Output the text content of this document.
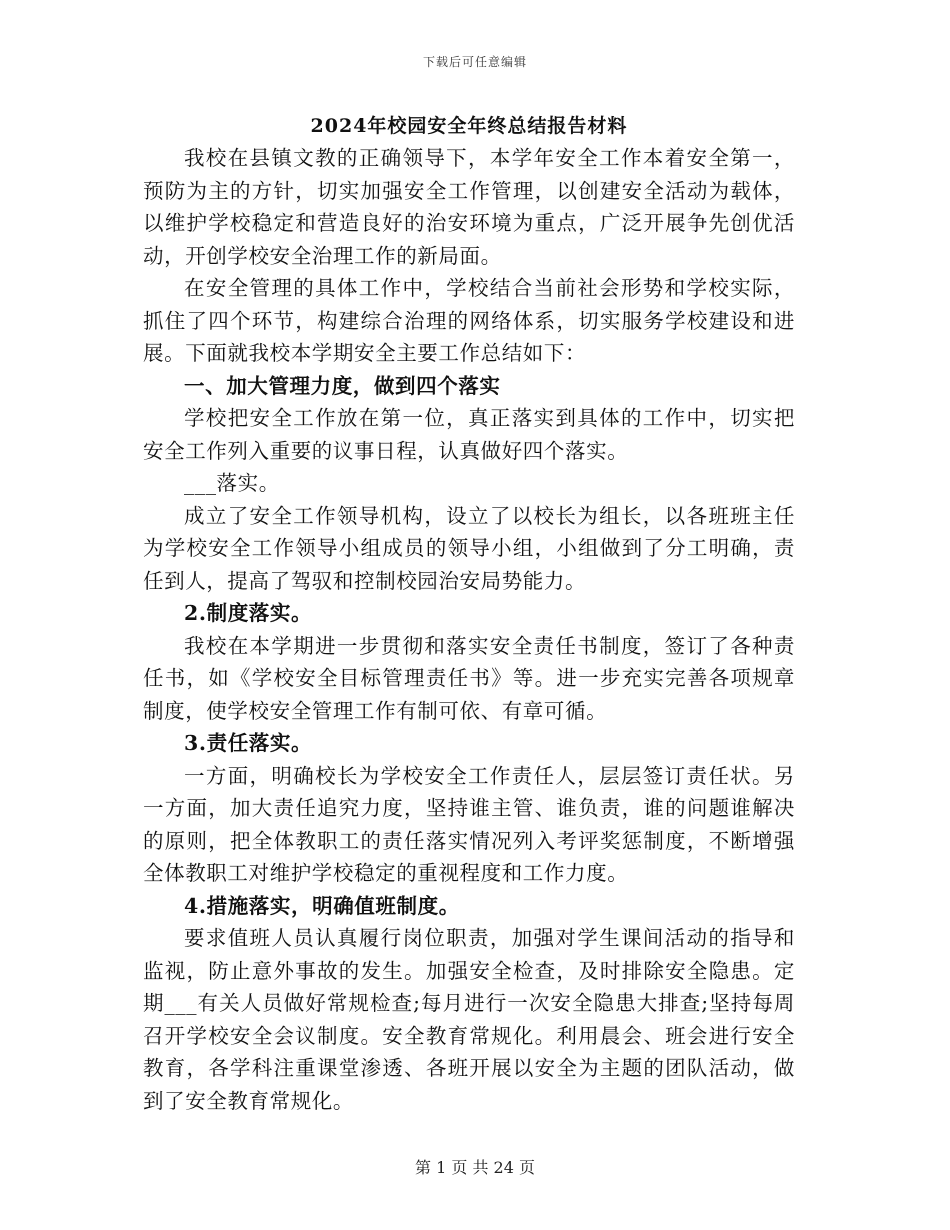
下载后可任意编辑
2024年校园安全年终总结报告材料

我校在县镇文教的正确领导下，本学年安全工作本着安全第一，预防为主的方针，切实加强安全工作管理，以创建安全活动为载体，以维护学校稳定和营造良好的治安环境为重点，广泛开展争先创优活动，开创学校安全治理工作的新局面。

在安全管理的具体工作中，学校结合当前社会形势和学校实际，抓住了四个环节，构建综合治理的网络体系，切实服务学校建设和进展。下面就我校本学期安全主要工作总结如下：

一、加大管理力度，做到四个落实

学校把安全工作放在第一位，真正落实到具体的工作中，切实把安全工作列入重要的议事日程，认真做好四个落实。

___落实。

成立了安全工作领导机构，设立了以校长为组长，以各班班主任为学校安全工作领导小组成员的领导小组，小组做到了分工明确，责任到人，提高了驾驭和控制校园治安局势能力。

2.制度落实。

我校在本学期进一步贯彻和落实安全责任书制度，签订了各种责任书，如《学校安全目标管理责任书》等。进一步充实完善各项规章制度，使学校安全管理工作有制可依、有章可循。

3.责任落实。

一方面，明确校长为学校安全工作责任人，层层签订责任状。另一方面，加大责任追究力度，坚持谁主管、谁负责，谁的问题谁解决的原则，把全体教职工的责任落实情况列入考评奖惩制度，不断增强全体教职工对维护学校稳定的重视程度和工作力度。

4.措施落实，明确值班制度。

要求值班人员认真履行岗位职责，加强对学生课间活动的指导和监视，防止意外事故的发生。加强安全检查，及时排除安全隐患。定期___有关人员做好常规检查;每月进行一次安全隐患大排查;坚持每周召开学校安全会议制度。安全教育常规化。利用晨会、班会进行安全教育，各学科注重课堂渗透、各班开展以安全为主题的团队活动，做到了安全教育常规化。

第 1 页 共 24 页
